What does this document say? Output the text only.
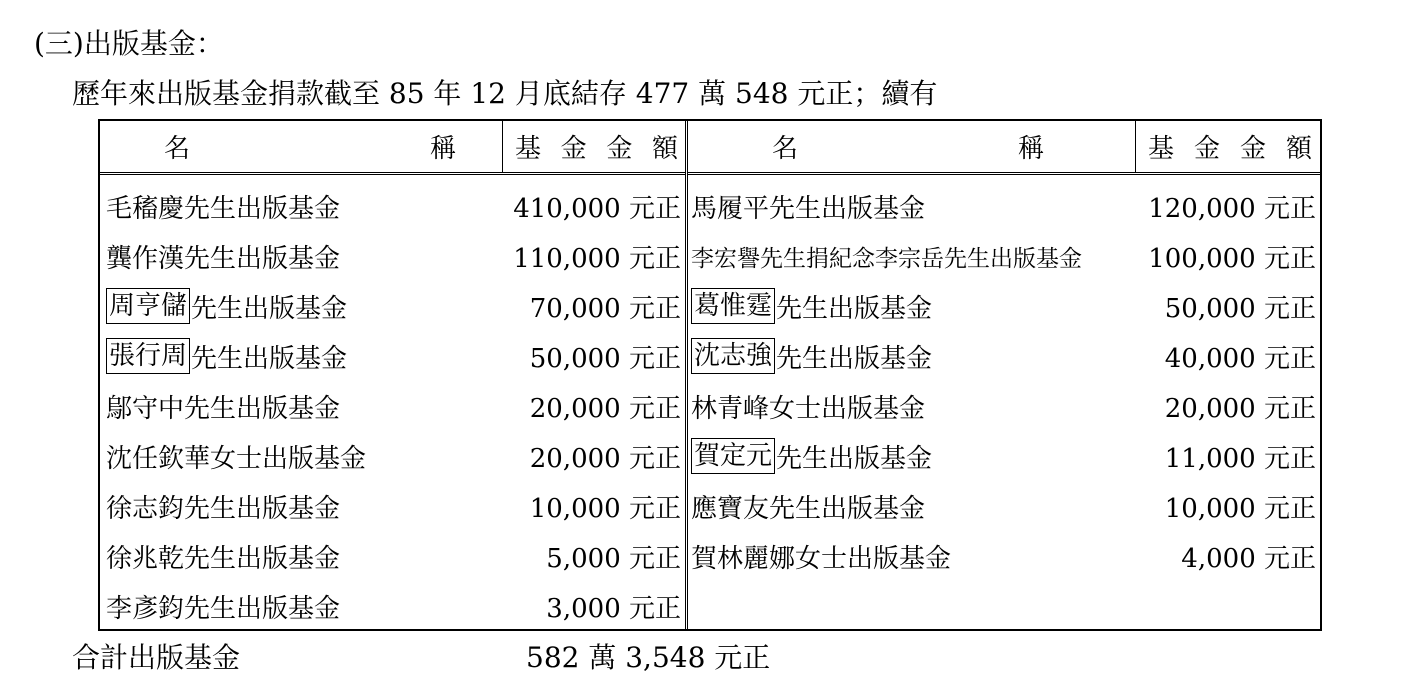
(三)出版基金：
歷年來出版基金捐款截至 85 年 12 月底結存 477 萬 548 元正；續有
名	稱 基 金 金 額
毛稸慶先生出版基金	410,000 元正
龔作漢先生出版基金	110,000 元正
周亨儲 先生出版基金	70,000 元正
張行周 先生出版基金	50,000 元正
鄔守中先生出版基金	20,000 元正
沈任欽華女士出版基金	20,000 元正
徐志鈞先生出版基金	10,000 元正
徐兆乾先生出版基金	5,000 元正
李彥鈞先生出版基金	3,000 元正
名	稱	基 金 金 額
馬履平先生出版基金	120,000 元正
李宏譽先生捐紀念李宗岳先生出版基金	100,000 元正
葛惟霆 先生出版基金	50,000 元正
沈志強 先生出版基金	40,000 元正
林青峰女士出版基金	20,000 元正
賀定元 先生出版基金	11,000 元正
應寶友先生出版基金	10,000 元正
賀林麗娜女士出版基金	4,000 元正
合計出版基金	582 萬 3,548 元正
